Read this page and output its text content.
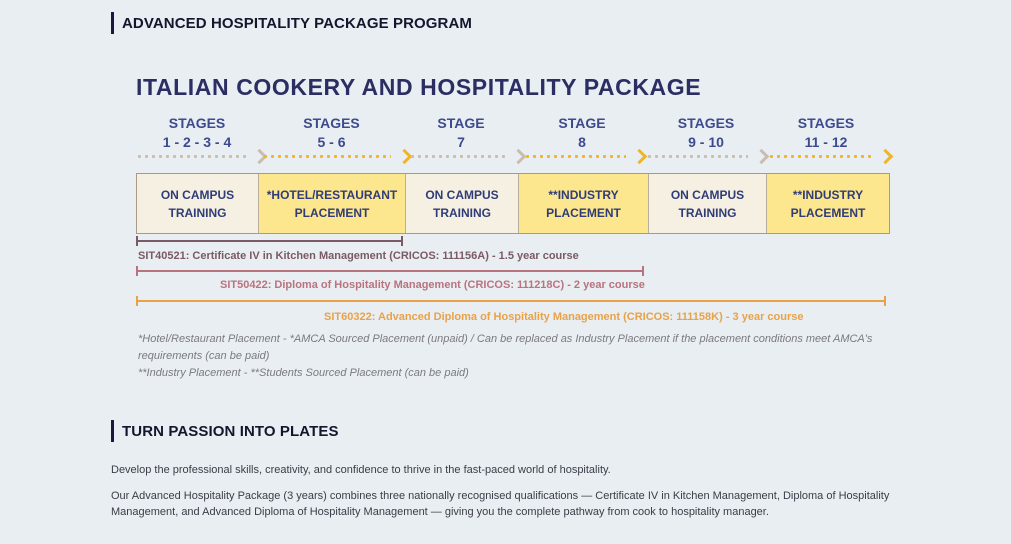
ADVANCED HOSPITALITY PACKAGE PROGRAM
ITALIAN COOKERY AND HOSPITALITY PACKAGE
STAGES
1 - 2 - 3 - 4
STAGES
5 - 6
STAGE
7
STAGE
8
STAGES
9 - 10
STAGES
11 - 12
ON CAMPUS
TRAINING
*HOTEL/RESTAURANT
PLACEMENT
ON CAMPUS
TRAINING
**INDUSTRY
PLACEMENT
ON CAMPUS
TRAINING
**INDUSTRY
PLACEMENT
SIT40521: Certificate IV in Kitchen Management (CRICOS: 111156A) - 1.5 year course
SIT50422: Diploma of Hospitality Management (CRICOS: 111218C) - 2 year course
SIT60322: Advanced Diploma of Hospitality Management (CRICOS: 111158K) - 3 year course
*Hotel/Restaurant Placement - *AMCA Sourced Placement (unpaid) / Can be replaced as Industry Placement if the placement conditions meet AMCA's requirements (can be paid)
**Industry Placement - **Students Sourced Placement (can be paid)
TURN PASSION INTO PLATES
Develop the professional skills, creativity, and confidence to thrive in the fast-paced world of hospitality.
Our Advanced Hospitality Package (3 years) combines three nationally recognised qualifications — Certificate IV in Kitchen Management, Diploma of Hospitality Management, and Advanced Diploma of Hospitality Management — giving you the complete pathway from cook to hospitality manager.
